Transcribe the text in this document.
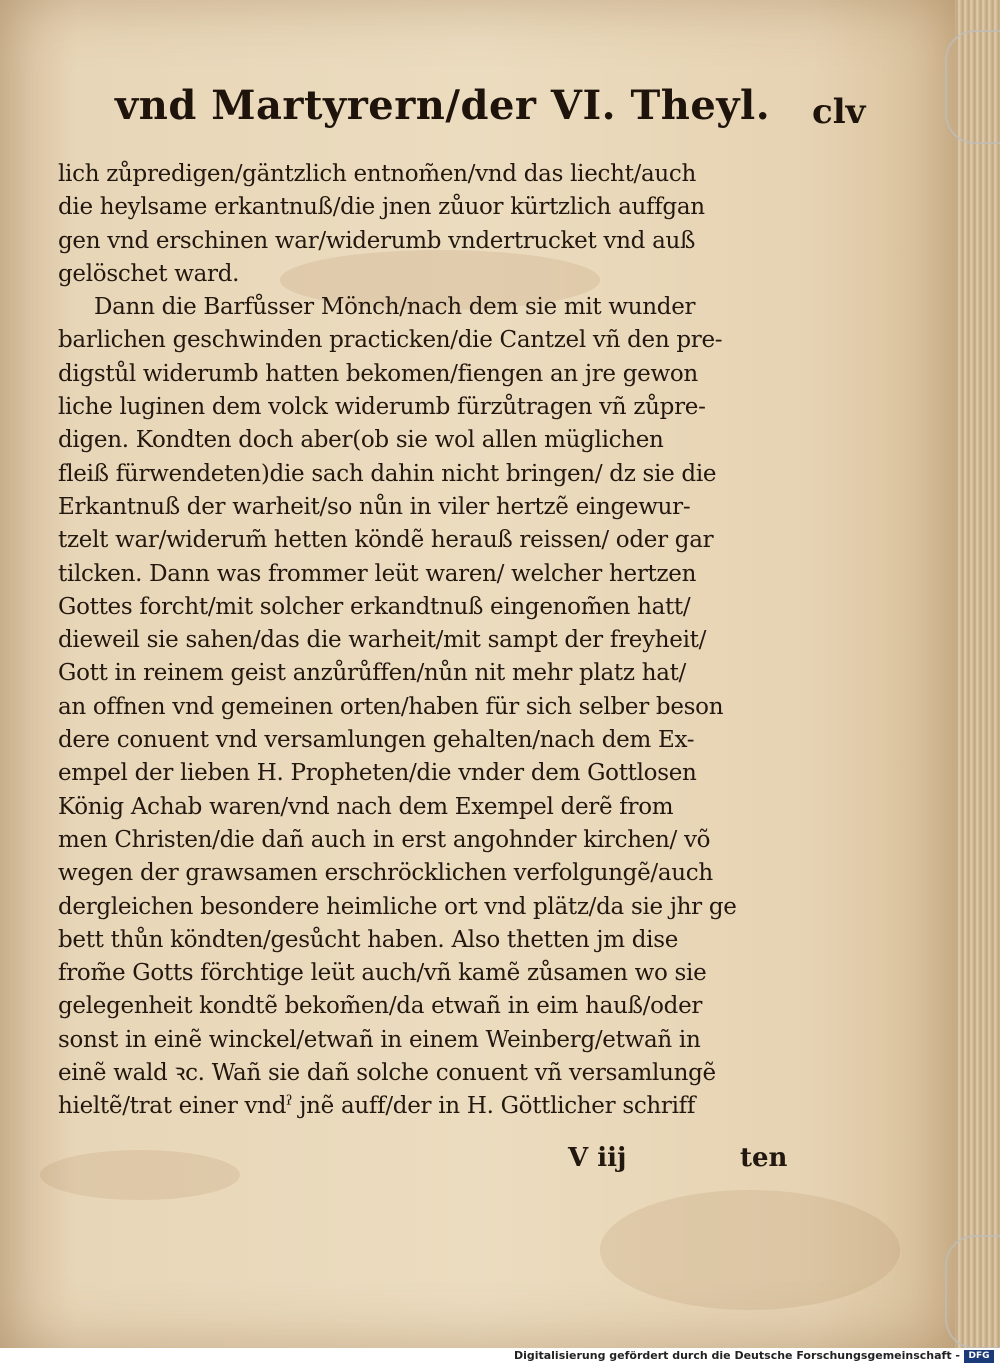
vnd Martyrern/der VI. Theyl. clv
lich zůpredigen/gäntzlich entnom̃en/vnd das liecht/auch
die heylsame erkantnuß/die jnen zůuor kürtzlich auffgan
gen vnd erschinen war/widerumb vndertrucket vnd auß
gelöschet ward.
Dann die Barfůsser Mönch/nach dem sie mit wunder
barlichen geschwinden practicken/die Cantzel vñ den pre-
digstůl widerumb hatten bekomen/fiengen an jre gewon
liche luginen dem volck widerumb fürzůtragen vñ zůpre-
digen. Kondten doch aber(ob sie wol allen müglichen
fleiß fürwendeten)die sach dahin nicht bringen/ dz sie die
Erkantnuß der warheit/so nůn in viler hertzẽ eingewur-
tzelt war/widerum̃ hetten köndẽ herauß reissen/ oder gar
tilcken. Dann was frommer leüt waren/ welcher hertzen
Gottes forcht/mit solcher erkandtnuß eingenom̃en hatt/
dieweil sie sahen/das die warheit/mit sampt der freyheit/
Gott in reinem geist anzůrůffen/nůn nit mehr platz hat/
an offnen vnd gemeinen orten/haben für sich selber beson
dere conuent vnd versamlungen gehalten/nach dem Ex-
empel der lieben H. Propheten/die vnder dem Gottlosen
König Achab waren/vnd nach dem Exempel derẽ from
men Christen/die dañ auch in erst angohnder kirchen/ võ
wegen der grawsamen erschröcklichen verfolgungẽ/auch
dergleichen besondere heimliche ort vnd plätz/da sie jhr ge
bett thůn köndten/gesůcht haben. Also thetten jm dise
from̃e Gotts förchtige leüt auch/vñ kamẽ zůsamen wo sie
gelegenheit kondtẽ bekom̃en/da etwañ in eim hauß/oder
sonst in einẽ winckel/etwañ in einem Weinberg/etwañ in
einẽ wald ꝛc. Wañ sie dañ solche conuent vñ versamlungẽ
hieltẽ/trat einer vndˀ jnẽ auff/der in H. Göttlicher schriff
V iij	ten
Digitalisierung gefördert durch die Deutsche Forschungsgemeinschaft - DFG
